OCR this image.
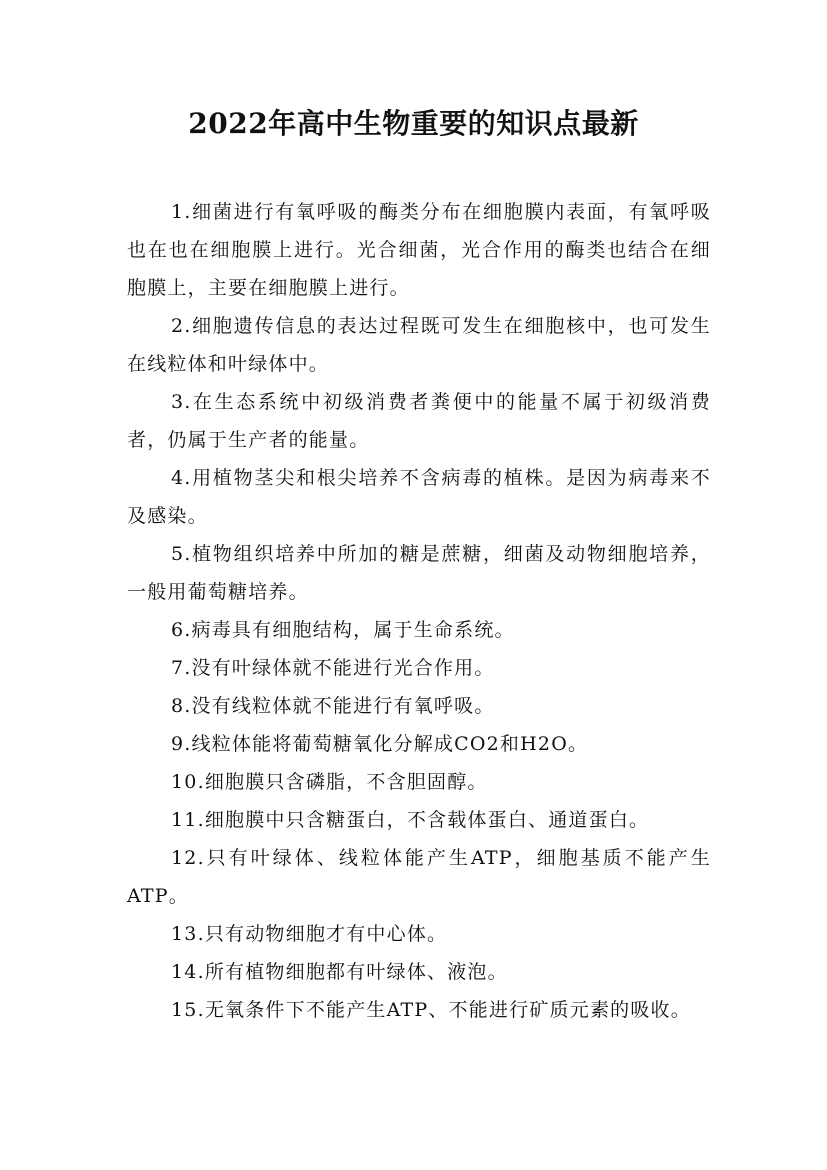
2022年高中生物重要的知识点最新

1.细菌进行有氧呼吸的酶类分布在细胞膜内表面，有氧呼吸也在也在细胞膜上进行。光合细菌，光合作用的酶类也结合在细胞膜上，主要在细胞膜上进行。

2.细胞遗传信息的表达过程既可发生在细胞核中，也可发生在线粒体和叶绿体中。

3.在生态系统中初级消费者粪便中的能量不属于初级消费者，仍属于生产者的能量。

4.用植物茎尖和根尖培养不含病毒的植株。是因为病毒来不及感染。

5.植物组织培养中所加的糖是蔗糖，细菌及动物细胞培养，一般用葡萄糖培养。

6.病毒具有细胞结构，属于生命系统。

7.没有叶绿体就不能进行光合作用。

8.没有线粒体就不能进行有氧呼吸。

9.线粒体能将葡萄糖氧化分解成CO2和H2O。

10.细胞膜只含磷脂，不含胆固醇。

11.细胞膜中只含糖蛋白，不含载体蛋白、通道蛋白。

12.只有叶绿体、线粒体能产生ATP，细胞基质不能产生ATP。

13.只有动物细胞才有中心体。

14.所有植物细胞都有叶绿体、液泡。

15.无氧条件下不能产生ATP、不能进行矿质元素的吸收。
